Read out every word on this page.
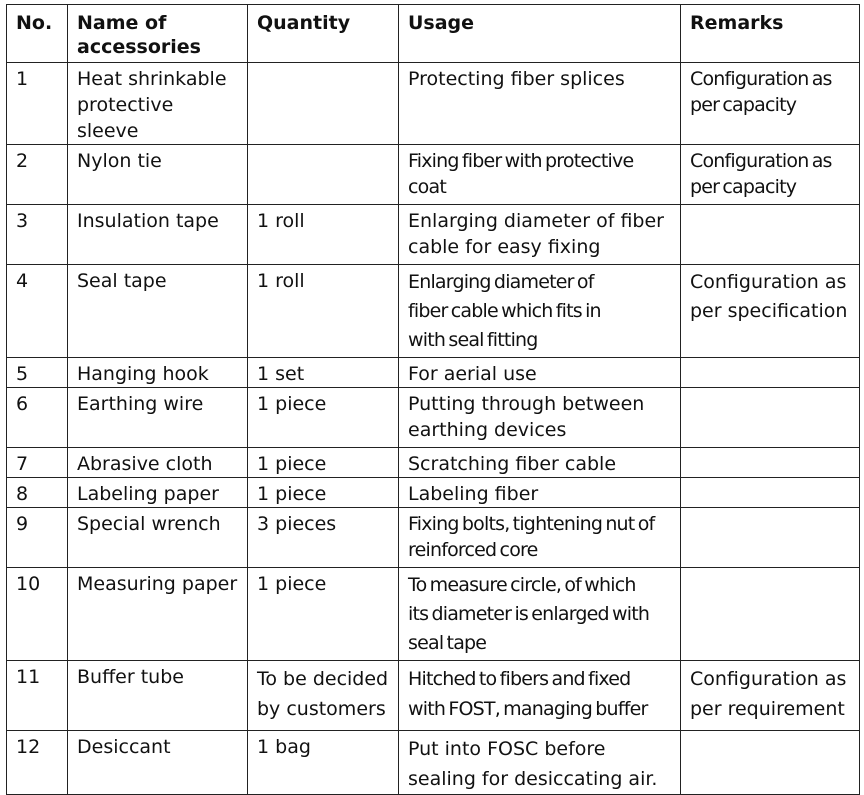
No.	Name of
accessories	Quantity	Usage	Remarks

1	Heat shrinkable
protective sleeve		Protecting fiber splices	Configuration as
per capacity

2	Nylon tie		Fixing fiber with protective coat	Configuration as
per capacity

3	Insulation tape	1 roll	Enlarging diameter of fiber
cable for easy fixing	

4	Seal tape	1 roll	Enlarging diameter of
fiber cable which fits in
with seal fitting	Configuration as
per specification

5	Hanging hook	1 set	For aerial use	

6	Earthing wire	1 piece	Putting through between
earthing devices	

7	Abrasive cloth	1 piece	Scratching fiber cable	

8	Labeling paper	1 piece	Labeling fiber	

9	Special wrench	3 pieces	Fixing bolts, tightening nut of
reinforced core	

10	Measuring paper	1 piece	To measure circle, of which
its diameter is enlarged with
seal tape	

11	Buffer tube	To be decided
by customers	Hitched to fibers and fixed
with FOST, managing buffer	Configuration as
per requirement

12	Desiccant	1 bag	Put into FOSC before
sealing for desiccating air.	
